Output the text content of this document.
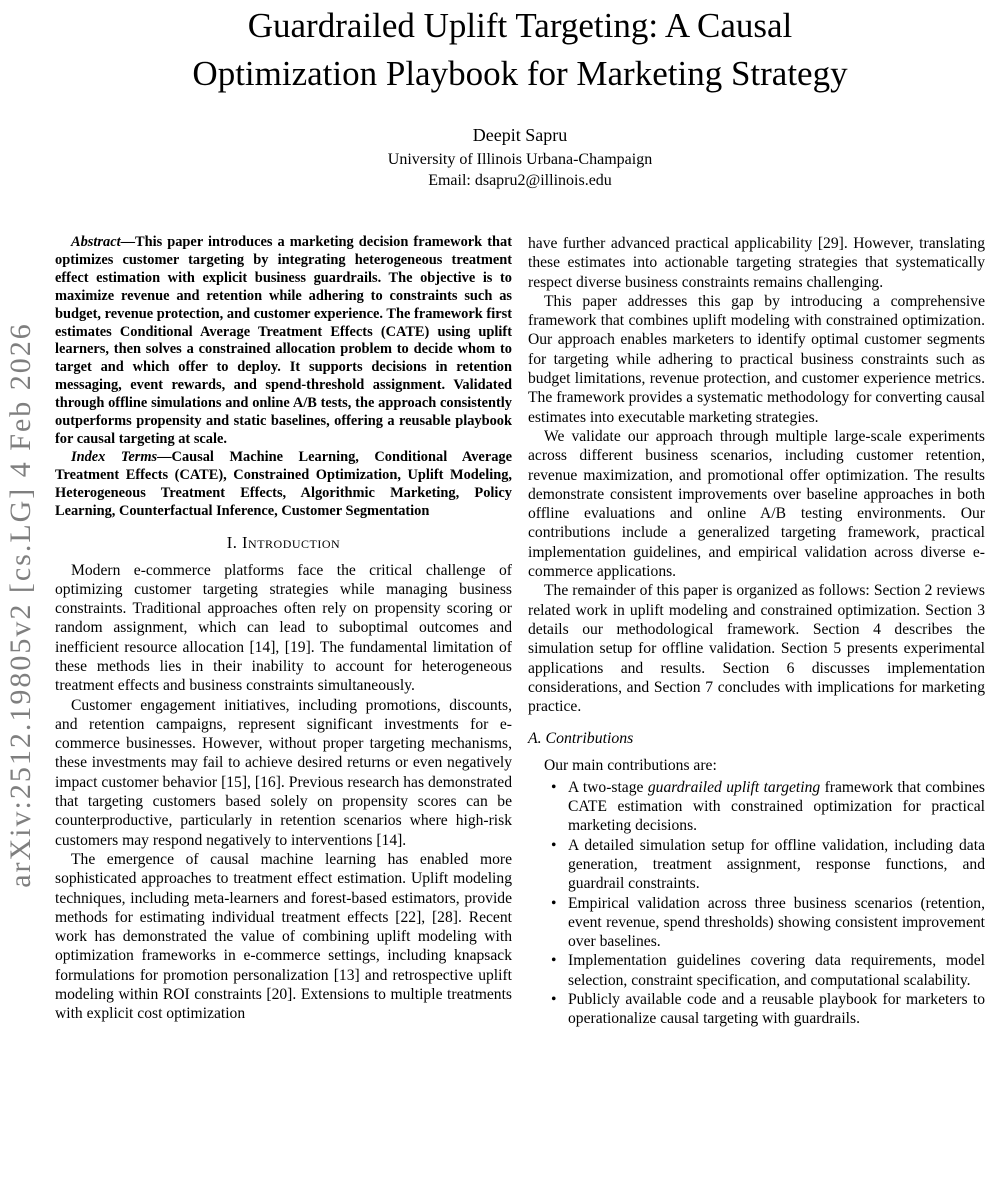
arXiv:2512.19805v2 [cs.LG] 4 Feb 2026
Guardrailed Uplift Targeting: A Causal
Optimization Playbook for Marketing Strategy
Deepit Sapru
University of Illinois Urbana-Champaign
Email: dsapru2@illinois.edu

Abstract—This paper introduces a marketing decision framework that optimizes customer targeting by integrating heterogeneous treatment effect estimation with explicit business guardrails. The objective is to maximize revenue and retention while adhering to constraints such as budget, revenue protection, and customer experience. The framework first estimates Conditional Average Treatment Effects (CATE) using uplift learners, then solves a constrained allocation problem to decide whom to target and which offer to deploy. It supports decisions in retention messaging, event rewards, and spend-threshold assignment. Validated through offline simulations and online A/B tests, the approach consistently outperforms propensity and static baselines, offering a reusable playbook for causal targeting at scale.

Index Terms—Causal Machine Learning, Conditional Average Treatment Effects (CATE), Constrained Optimization, Uplift Modeling, Heterogeneous Treatment Effects, Algorithmic Marketing, Policy Learning, Counterfactual Inference, Customer Segmentation

I. Introduction

Modern e-commerce platforms face the critical challenge of optimizing customer targeting strategies while managing business constraints. Traditional approaches often rely on propensity scoring or random assignment, which can lead to suboptimal outcomes and inefficient resource allocation [14], [19]. The fundamental limitation of these methods lies in their inability to account for heterogeneous treatment effects and business constraints simultaneously.

Customer engagement initiatives, including promotions, discounts, and retention campaigns, represent significant investments for e-commerce businesses. However, without proper targeting mechanisms, these investments may fail to achieve desired returns or even negatively impact customer behavior [15], [16]. Previous research has demonstrated that targeting customers based solely on propensity scores can be counterproductive, particularly in retention scenarios where high-risk customers may respond negatively to interventions [14].

The emergence of causal machine learning has enabled more sophisticated approaches to treatment effect estimation. Uplift modeling techniques, including meta-learners and forest-based estimators, provide methods for estimating individual treatment effects [22], [28]. Recent work has demonstrated the value of combining uplift modeling with optimization frameworks in e-commerce settings, including knapsack formulations for promotion personalization [13] and retrospective uplift modeling within ROI constraints [20]. Extensions to multiple treatments with explicit cost optimization

have further advanced practical applicability [29]. However, translating these estimates into actionable targeting strategies that systematically respect diverse business constraints remains challenging.

This paper addresses this gap by introducing a comprehensive framework that combines uplift modeling with constrained optimization. Our approach enables marketers to identify optimal customer segments for targeting while adhering to practical business constraints such as budget limitations, revenue protection, and customer experience metrics. The framework provides a systematic methodology for converting causal estimates into executable marketing strategies.

We validate our approach through multiple large-scale experiments across different business scenarios, including customer retention, revenue maximization, and promotional offer optimization. The results demonstrate consistent improvements over baseline approaches in both offline evaluations and online A/B testing environments. Our contributions include a generalized targeting framework, practical implementation guidelines, and empirical validation across diverse e-commerce applications.

The remainder of this paper is organized as follows: Section 2 reviews related work in uplift modeling and constrained optimization. Section 3 details our methodological framework. Section 4 describes the simulation setup for offline validation. Section 5 presents experimental applications and results. Section 6 discusses implementation considerations, and Section 7 concludes with implications for marketing practice.

A. Contributions

Our main contributions are:

• A two-stage guardrailed uplift targeting framework that combines CATE estimation with constrained optimization for practical marketing decisions.
• A detailed simulation setup for offline validation, including data generation, treatment assignment, response functions, and guardrail constraints.
• Empirical validation across three business scenarios (retention, event revenue, spend thresholds) showing consistent improvement over baselines.
• Implementation guidelines covering data requirements, model selection, constraint specification, and computational scalability.
• Publicly available code and a reusable playbook for marketers to operationalize causal targeting with guardrails.
